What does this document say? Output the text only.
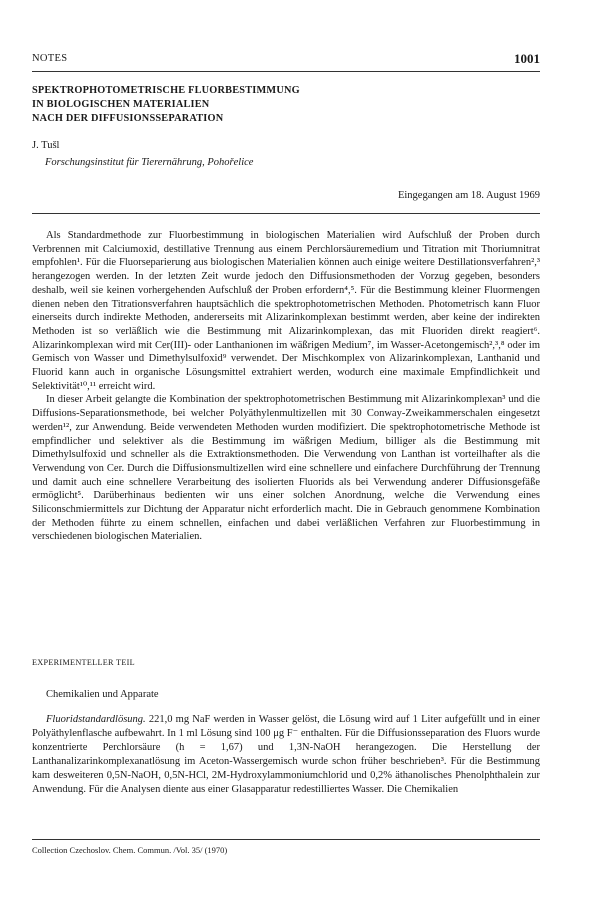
NOTES	1001
SPEKTROPHOTOMETRISCHE FLUORBESTIMMUNG
IN BIOLOGISCHEN MATERIALIEN
NACH DER DIFFUSIONSSEPARATION
J. Tušl
Forschungsinstitut für Tierernährung, Pohořelice
Eingegangen am 18. August 1969

Als Standardmethode zur Fluorbestimmung in biologischen Materialien wird Aufschluß der Proben durch Verbrennen mit Calciumoxid, destillative Trennung aus einem Perchlorsäuremedium und Titration mit Thoriumnitrat empfohlen¹. Für die Fluorseparierung aus biologischen Materialien können auch einige weitere Destillationsverfahren²,³ herangezogen werden. In der letzten Zeit wurde jedoch den Diffusionsmethoden der Vorzug gegeben, besonders deshalb, weil sie keinen vorhergehenden Aufschluß der Proben erfordern⁴,⁵. Für die Bestimmung kleiner Fluormengen dienen neben den Titrationsverfahren hauptsächlich die spektrophotometrischen Methoden. Photometrisch kann Fluor einerseits durch indirekte Methoden, andererseits mit Alizarinkomplexan bestimmt werden, aber keine der indirekten Methoden ist so verläßlich wie die Bestimmung mit Alizarinkomplexan, das mit Fluoriden direkt reagiert⁶. Alizarinkomplexan wird mit Cer(III)- oder Lanthanionen im wäßrigen Medium⁷, im Wasser-Acetongemisch²,³,⁸ oder im Gemisch von Wasser und Dimethylsulfoxid⁹ verwendet. Der Mischkomplex von Alizarinkomplexan, Lanthanid und Fluorid kann auch in organische Lösungsmittel extrahiert werden, wodurch eine maximale Empfindlichkeit und Selektivität¹⁰,¹¹ erreicht wird.

In dieser Arbeit gelangte die Kombination der spektrophotometrischen Bestimmung mit Alizarinkomplexan³ und die Diffusions-Separationsmethode, bei welcher Polyäthylenmultizellen mit 30 Conway-Zweikammerschalen eingesetzt werden¹², zur Anwendung. Beide verwendeten Methoden wurden modifiziert. Die spektrophotometrische Methode ist empfindlicher und selektiver als die Bestimmung im wäßrigen Medium, billiger als die Bestimmung mit Dimethylsulfoxid und schneller als die Extraktionsmethoden. Die Verwendung von Lanthan ist vorteilhafter als die Verwendung von Cer. Durch die Diffusionsmultizellen wird eine schnellere und einfachere Durchführung der Trennung und damit auch eine schnellere Verarbeitung des isolierten Fluorids als bei Verwendung anderer Diffusionsgefäße ermöglicht⁵. Darüberhinaus bedienten wir uns einer solchen Anordnung, welche die Verwendung eines Siliconschmiermittels zur Dichtung der Apparatur nicht erforderlich macht. Die in Gebrauch genommene Kombination der Methoden führte zu einem schnellen, einfachen und dabei verläßlichen Verfahren zur Fluorbestimmung in verschiedenen biologischen Materialien.

EXPERIMENTELLER TEIL
Chemikalien und Apparate

Fluoridstandardlösung. 221,0 mg NaF werden in Wasser gelöst, die Lösung wird auf 1 Liter aufgefüllt und in einer Polyäthylenflasche aufbewahrt. In 1 ml Lösung sind 100 μg F⁻ enthalten. Für die Diffusionsseparation des Fluors wurde konzentrierte Perchlorsäure (h = 1,67) und 1,3N-NaOH herangezogen. Die Herstellung der Lanthanalizarinkomplexanatlösung im Aceton-Wassergemisch wurde schon früher beschrieben³. Für die Bestimmung kam desweiteren 0,5N-NaOH, 0,5N-HCl, 2M-Hydroxylammoniumchlorid und 0,2% äthanolisches Phenolphthalein zur Anwendung. Für die Analysen diente aus einer Glasapparatur redestilliertes Wasser. Die Chemikalien

Collection Czechoslov. Chem. Commun. /Vol. 35/ (1970)
